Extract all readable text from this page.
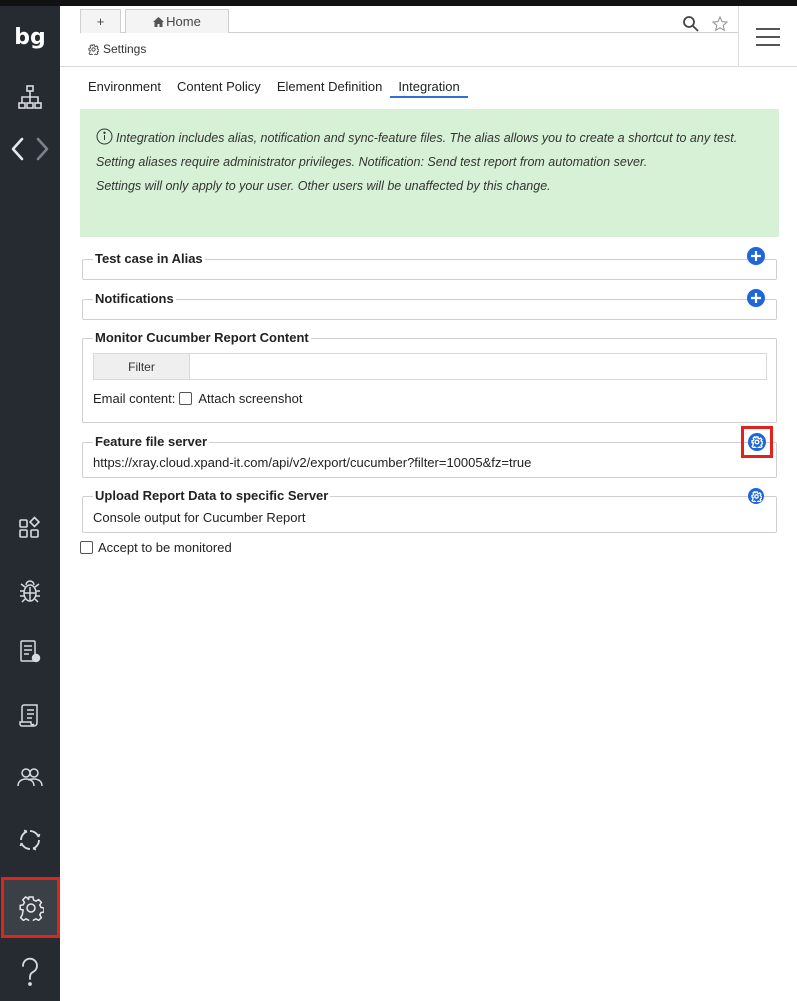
bg
+	Home
Settings
Environment	Content Policy	Element Definition	Integration

Integration includes alias, notification and sync-feature files. The alias allows you to create a shortcut to any test.

Setting aliases require administrator privileges. Notification: Send test report from automation sever.

Settings will only apply to your user. Other users will be unaffected by this change.

Test case in Alias
Notifications
Monitor Cucumber Report Content
Filter
Email content: Attach screenshot
Feature file server
https://xray.cloud.xpand-it.com/api/v2/export/cucumber?filter=10005&fz=true
Upload Report Data to specific Server
Console output for Cucumber Report
Accept to be monitored
